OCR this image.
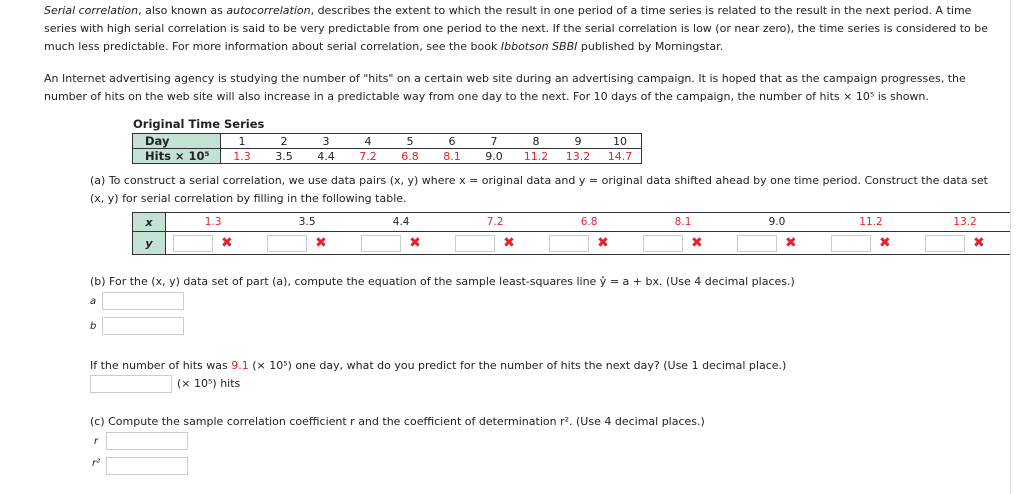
Serial correlation, also known as autocorrelation, describes the extent to which the result in one period of a time series is related to the result in the next period. A time series with high serial correlation is said to be very predictable from one period to the next. If the serial correlation is low (or near zero), the time series is considered to be much less predictable. For more information about serial correlation, see the book Ibbotson SBBI published by Morningstar.

An Internet advertising agency is studying the number of "hits" on a certain web site during an advertising campaign. It is hoped that as the campaign progresses, the number of hits on the web site will also increase in a predictable way from one day to the next. For 10 days of the campaign, the number of hits × 10⁵ is shown.

Original Time Series
Day	1	2	3	4	5	6	7	8	9	10
Hits × 10⁵	1.3	3.5	4.4	7.2	6.8	8.1	9.0	11.2	13.2	14.7

(a) To construct a serial correlation, we use data pairs (x, y) where x = original data and y = original data shifted ahead by one time period. Construct the data set (x, y) for serial correlation by filling in the following table.

x	1.3	3.5	4.4	7.2	6.8	8.1	9.0	11.2	13.2
y	✖	✖	✖	✖	✖	✖	✖	✖	✖

(b) For the (x, y) data set of part (a), compute the equation of the sample least-squares line ŷ = a + bx. (Use 4 decimal places.)

a
b

If the number of hits was 9.1 (× 10⁵) one day, what do you predict for the number of hits the next day? (Use 1 decimal place.)

(× 10⁵) hits

(c) Compute the sample correlation coefficient r and the coefficient of determination r². (Use 4 decimal places.)

r
r²
